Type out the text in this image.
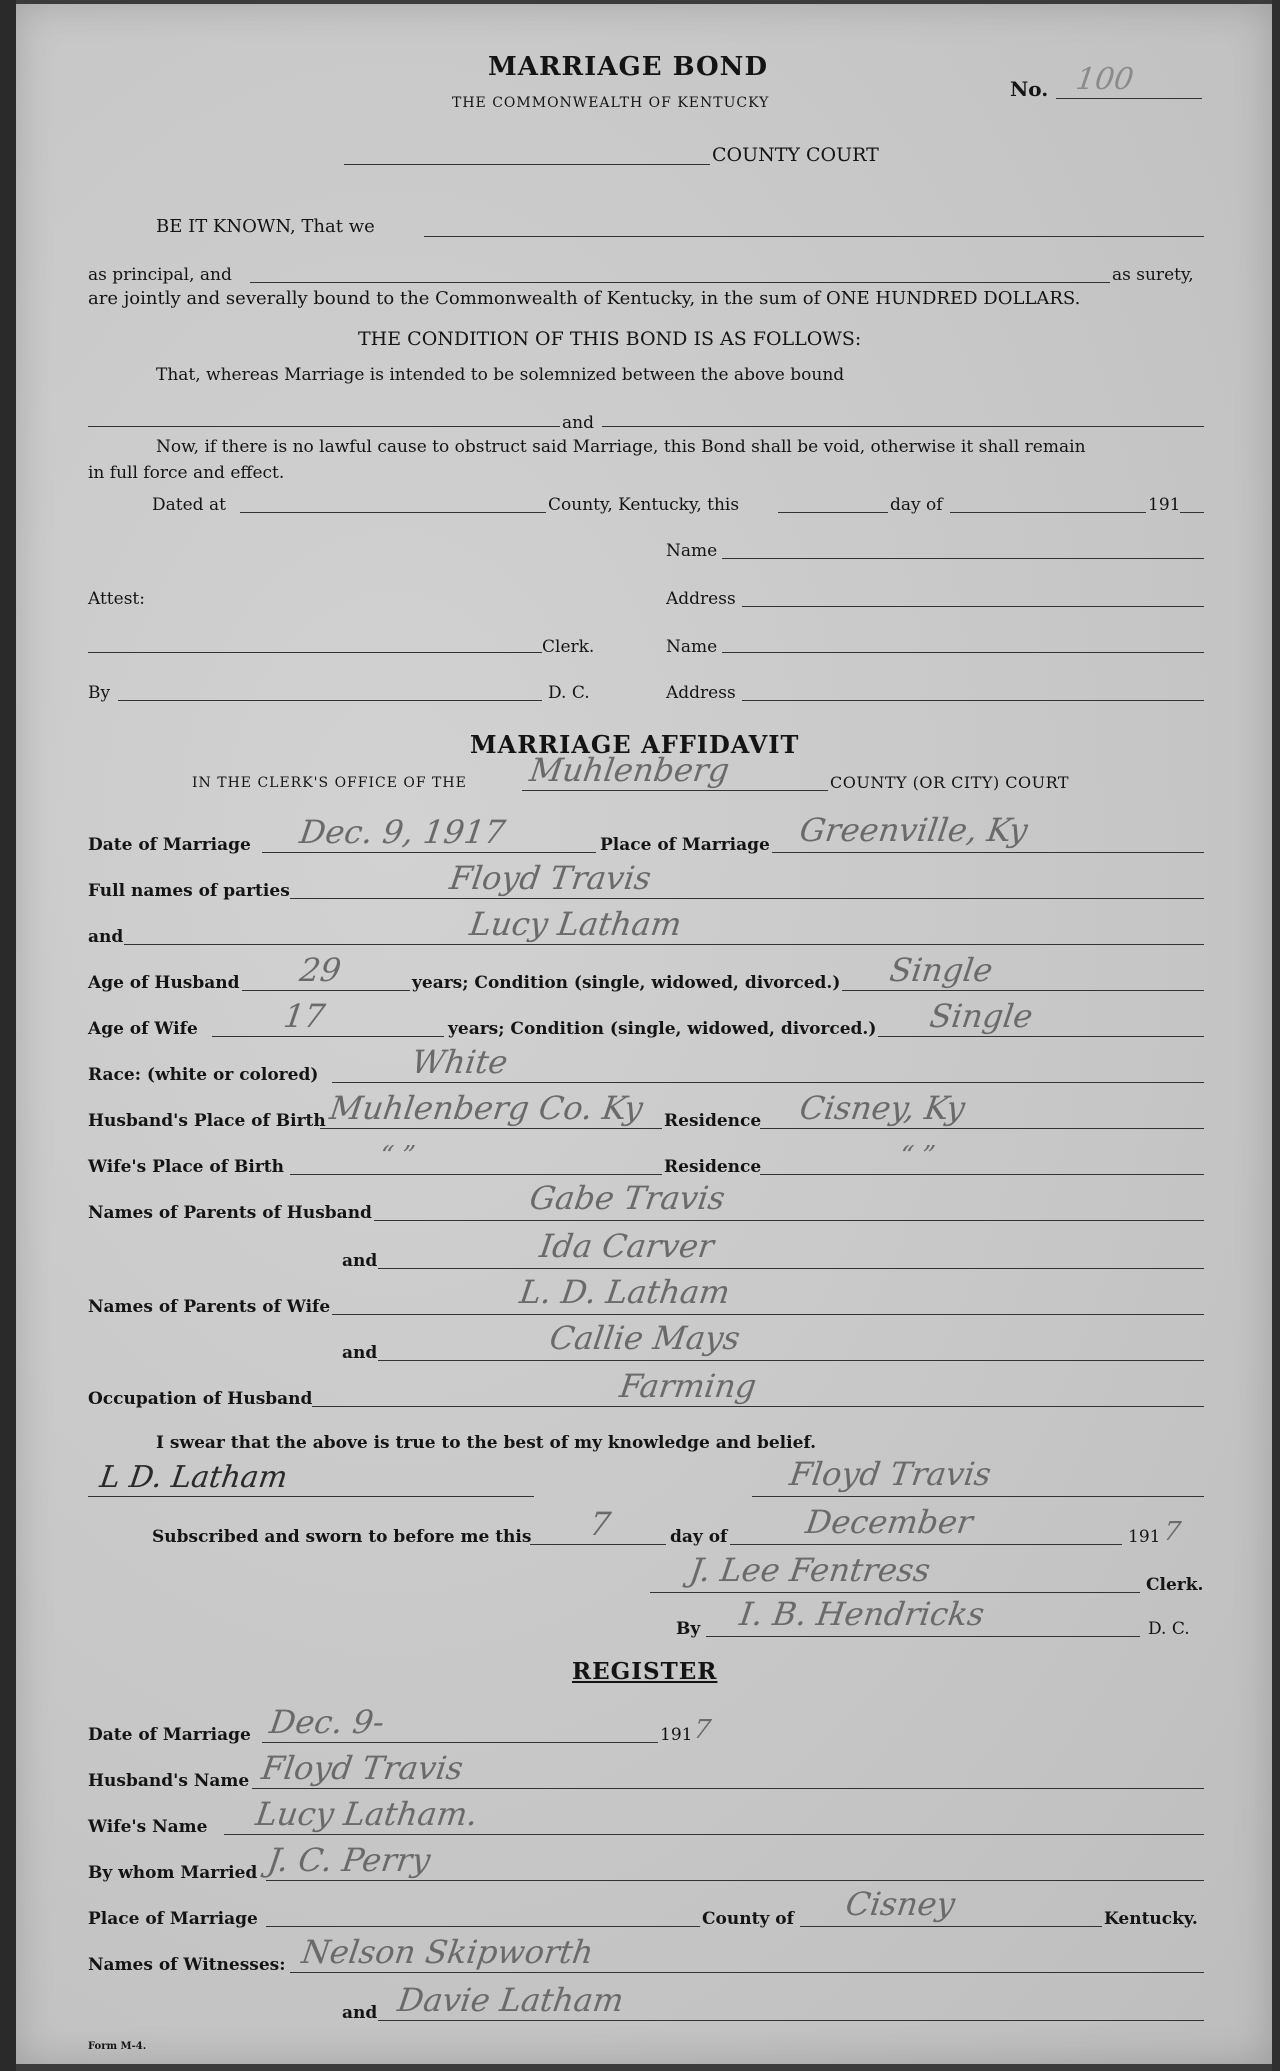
MARRIAGE BOND
THE COMMONWEALTH OF KENTUCKY
No. 100
COUNTY COURT
BE IT KNOWN, That we
as principal, and	as surety,
are jointly and severally bound to the Commonwealth of Kentucky, in the sum of ONE HUNDRED DOLLARS.
THE CONDITION OF THIS BOND IS AS FOLLOWS:
That, whereas Marriage is intended to be solemnized between the above bound
and
Now, if there is no lawful cause to obstruct said Marriage, this Bond shall be void, otherwise it shall remain
in full force and effect.
Dated at	County, Kentucky, this	day of	191
Name
Attest:	Address
Clerk.	Name
By	D. C.	Address
MARRIAGE AFFIDAVIT
IN THE CLERK'S OFFICE OF THE Muhlenberg	COUNTY (OR CITY) COURT
Date of Marriage Dec. 9, 1917	Place of Marriage Greenville, Ky
Full names of parties	Floyd Travis
and	Lucy Latham
Age of Husband 29	years; Condition (single, widowed, divorced.) Single
Age of Wife	17	years; Condition (single, widowed, divorced.) Single
Race: (white or colored)	White
Husband's Place of Birth Muhlenberg Co. Ky Residence Cisney, Ky
Wife's Place of Birth	“ ”	Residence	“ ”
Names of Parents of Husband	Gabe Travis
and	Ida Carver
Names of Parents of Wife	L. D. Latham
and	Callie Mays
Occupation of Husband	Farming
I swear that the above is true to the best of my knowledge and belief.
L D. Latham	Floyd Travis
Subscribed and sworn to before me this 7	day of December	191 7
J. Lee Fentress	Clerk.
By I. B. Hendricks	D. C.
REGISTER
Date of Marriage Dec. 9-	191 7
Husband's Name Floyd Travis
Wife's Name Lucy Latham.
By whom Married J. C. Perry
Place of Marriage	County of Cisney	Kentucky.
Names of Witnesses: Nelson Skipworth
and Davie Latham
Form M-4.
